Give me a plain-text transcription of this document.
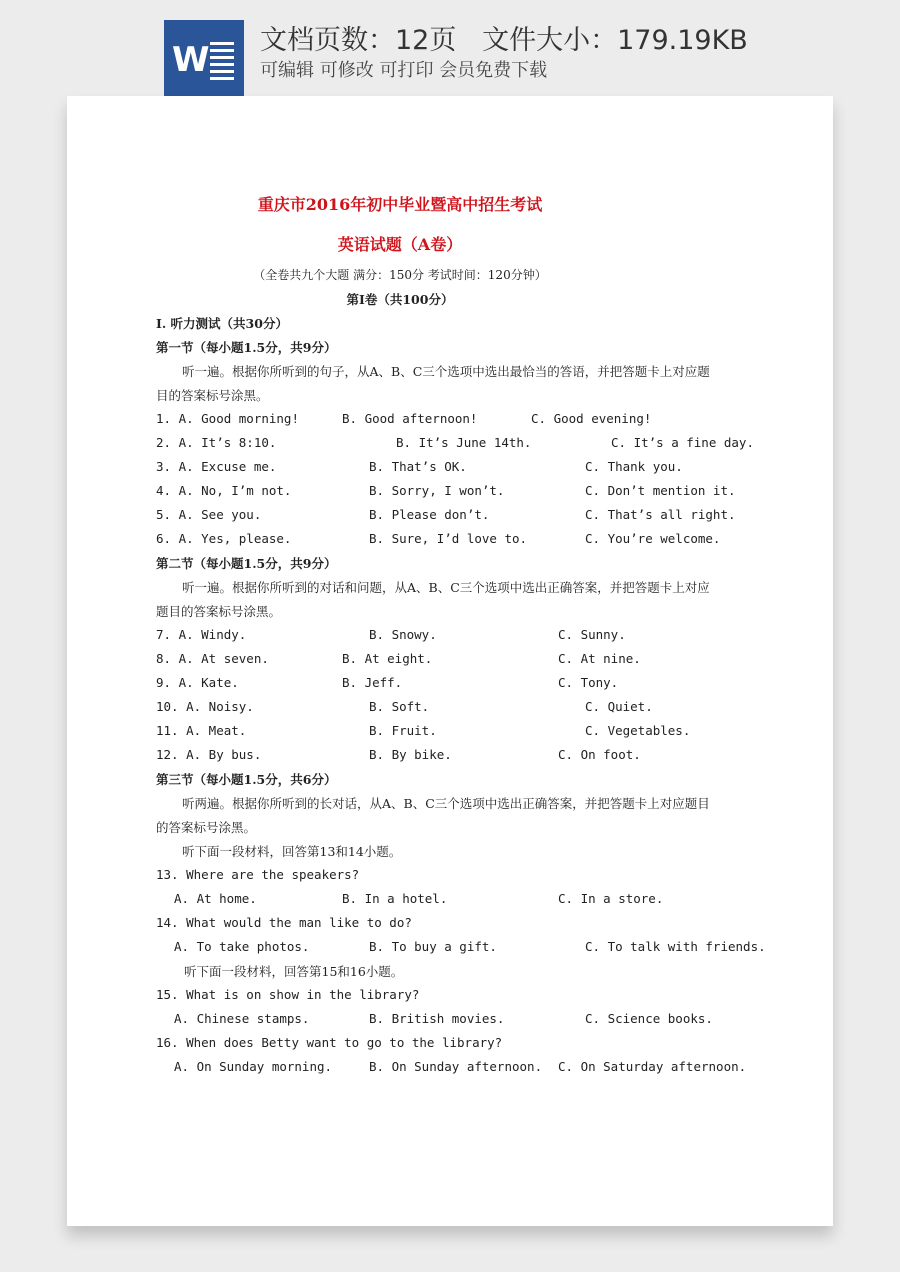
W 文档页数：12页   文件大小：179.19KB
可编辑 可修改 可打印 会员免费下载
重庆市2016年初中毕业暨高中招生考试
英语试题（A卷）
（全卷共九个大题 满分：150分 考试时间：120分钟）
第I卷（共100分）
I. 听力测试（共30分）
第一节（每小题1.5分，共9分）
听一遍。根据你所听到的句子，从A、B、C三个选项中选出最恰当的答语，并把答题卡上对应题
目的答案标号涂黑。
1. A. Good morning!	B. Good afternoon!	C. Good evening!
2. A. It’s 8:10.	B. It’s June 14th.	C. It’s a fine day.
3. A. Excuse me.	B. That’s OK.	C. Thank you.
4. A. No, I’m not.	B. Sorry, I won’t.	C. Don’t mention it.
5. A. See you.	B. Please don’t.	C. That’s all right.
6. A. Yes, please.	B. Sure, I’d love to.	C. You’re welcome.
第二节（每小题1.5分，共9分）
听一遍。根据你所听到的对话和问题，从A、B、C三个选项中选出正确答案，并把答题卡上对应
题目的答案标号涂黑。
7. A. Windy.	B. Snowy.	C. Sunny.
8. A. At seven.	B. At eight.	C. At nine.
9. A. Kate.	B. Jeff.	C. Tony.
10. A. Noisy.	B. Soft.	C. Quiet.
11. A. Meat.	B. Fruit.	C. Vegetables.
12. A. By bus.	B. By bike.	C. On foot.
第三节（每小题1.5分，共6分）
听两遍。根据你所听到的长对话，从A、B、C三个选项中选出正确答案，并把答题卡上对应题目
的答案标号涂黑。
听下面一段材料，回答第13和14小题。
13. Where are the speakers?
A. At home.	B. In a hotel.	C. In a store.
14. What would the man like to do?
A. To take photos.	B. To buy a gift.	C. To talk with friends.
听下面一段材料，回答第15和16小题。
15. What is on show in the library?
A. Chinese stamps.	B. British movies.	C. Science books.
16. When does Betty want to go to the library?
A. On Sunday morning.	B. On Sunday afternoon. C. On Saturday afternoon.
